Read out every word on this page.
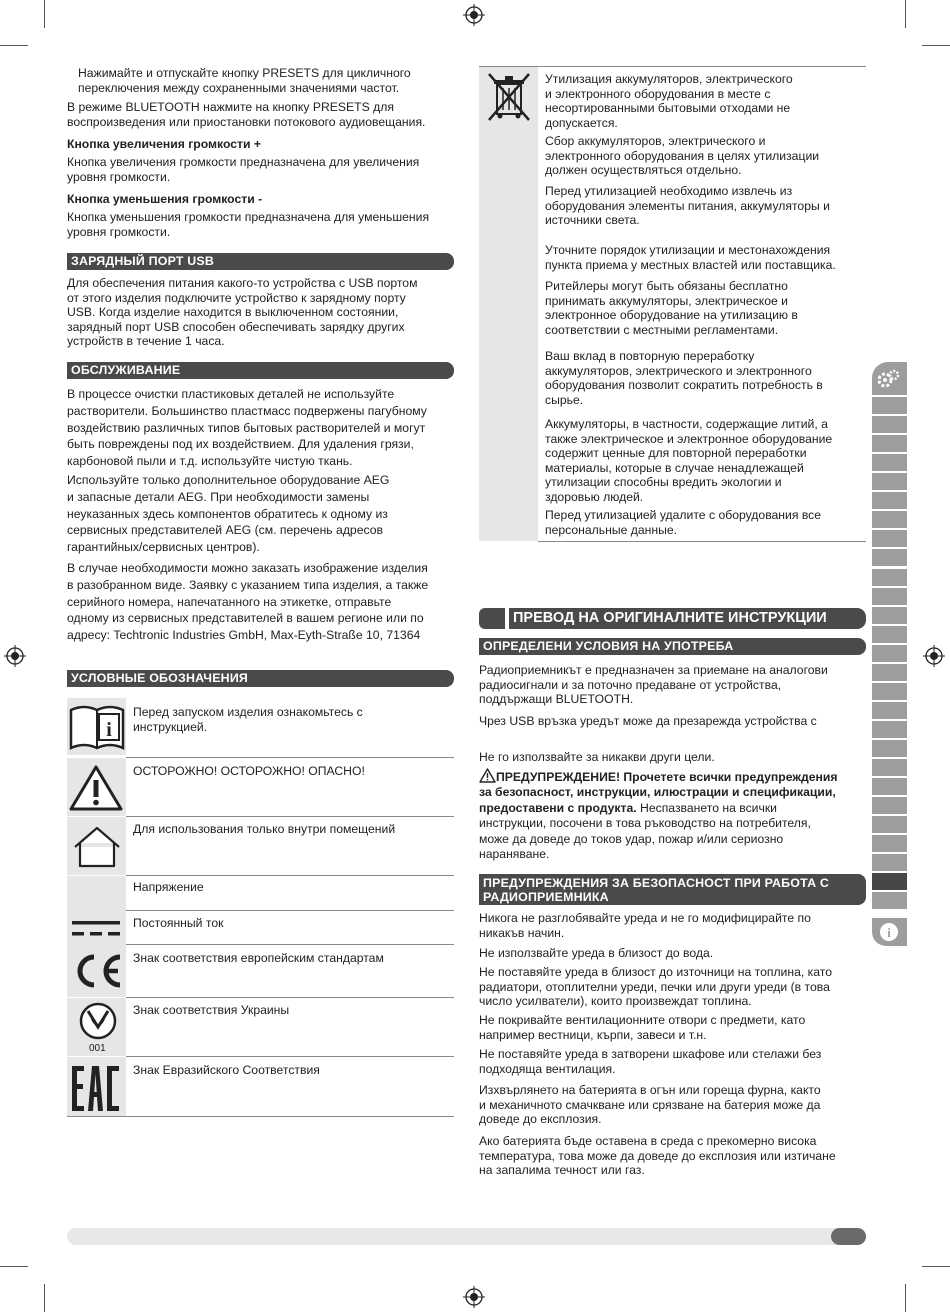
Нажимайте и отпускайте кнопку PRESETS для цикличного
переключения между сохраненными значениями частот.

В режиме BLUETOOTH нажмите на кнопку PRESETS для
воспроизведения или приостановки потокового аудиовещания.

Кнопка увеличения громкости +

Кнопка увеличения громкости предназначена для увеличения
уровня громкости.

Кнопка уменьшения громкости -

Кнопка уменьшения громкости предназначена для уменьшения
уровня громкости.

ЗАРЯДНЫЙ ПОРТ USB

Для обеспечения питания какого-то устройства с USB портом
от этого изделия подключите устройство к зарядному порту
USB. Когда изделие находится в выключенном состоянии,
зарядный порт USB способен обеспечивать зарядку других
устройств в течение 1 часа.

ОБСЛУЖИВАНИЕ

В процессе очистки пластиковых деталей не используйте
растворители. Большинство пластмасс подвержены пагубному
воздействию различных типов бытовых растворителей и могут
быть повреждены под их воздействием. Для удаления грязи,
карбоновой пыли и т.д. используйте чистую ткань.

Используйте только дополнительное оборудование AEG
и запасные детали AEG. При необходимости замены
неуказанных здесь компонентов обратитесь к одному из
сервисных представителей AEG (см. перечень адресов
гарантийных/сервисных центров).

В случае необходимости можно заказать изображение изделия
в разобранном виде. Заявку с указанием типа изделия, а также
серийного номера, напечатанного на этикетке, отправьте
одному из сервисных представителей в вашем регионе или по
адресу: Techtronic Industries GmbH, Max-Eyth-Straße 10, 71364

УСЛОВНЫЕ ОБОЗНАЧЕНИЯ
i

Перед запуском изделия ознакомьтесь с
инструкцией.

ОСТОРОЖНО! ОСТОРОЖНО! ОПАСНО!

Для использования только внутри помещений

Напряжение

Постоянный ток

Знак соответствия европейским стандартам

001

Знак соответствия Украины

Знак Евразийского Соответствия

Утилизация аккумуляторов, электрического
и электронного оборудования в месте с
несортированными бытовыми отходами не
допускается.

Сбор аккумуляторов, электрического и
электронного оборудования в целях утилизации
должен осуществляться отдельно.

Перед утилизацией необходимо извлечь из
оборудования элементы питания, аккумуляторы и
источники света.

Уточните порядок утилизации и местонахождения
пункта приема у местных властей или поставщика.

Ритейлеры могут быть обязаны бесплатно
принимать аккумуляторы, электрическое и
электронное оборудование на утилизацию в
соответствии с местными регламентами.

Ваш вклад в повторную переработку
аккумуляторов, электрического и электронного
оборудования позволит сократить потребность в
сырье.

Аккумуляторы, в частности, содержащие литий, а
также электрическое и электронное оборудование
содержит ценные для повторной переработки
материалы, которые в случае ненадлежащей
утилизации способны вредить экологии и
здоровью людей.

Перед утилизацией удалите с оборудования все
персональные данные.

ПРЕВОД НА ОРИГИНАЛНИТЕ ИНСТРУКЦИИ
ОПРЕДЕЛЕНИ УСЛОВИЯ НА УПОТРЕБА

Радиоприемникът е предназначен за приемане на аналогови
радиосигнали и за поточно предаване от устройства,
поддържащи BLUETOOTH.

Чрез USB връзка уредът може да презарежда устройства с

Не го използвайте за никакви други цели.

ПРЕДУПРЕЖДЕНИЕ! Прочетете всички предупреждения
за безопасност, инструкции, илюстрации и спецификации,
предоставени с продукта. Неспазването на всички
инструкции, посочени в това ръководство на потребителя,
може да доведе до токов удар, пожар и/или сериозно
нараняване.
ПРЕДУПРЕЖДЕНИЯ ЗА БЕЗОПАСНОСТ ПРИ РАБОТА С
РАДИОПРИЕМНИКА

Никога не разглобявайте уреда и не го модифицирайте по
никакъв начин.

Не използвайте уреда в близост до вода.

Не поставяйте уреда в близост до източници на топлина, като
радиатори, отоплителни уреди, печки или други уреди (в това
число усилватели), които произвеждат топлина.

Не покривайте вентилационните отвори с предмети, като
например вестници, кърпи, завеси и т.н.

Не поставяйте уреда в затворени шкафове или стелажи без
подходяща вентилация.

Изхвърлянето на батерията в огън или гореща фурна, както
и механичното смачкване или срязване на батерия може да
доведе до експлозия.

Ако батерията бъде оставена в среда с прекомерно висока
температура, това може да доведе до експлозия или изтичане
на запалима течност или газ.

i
